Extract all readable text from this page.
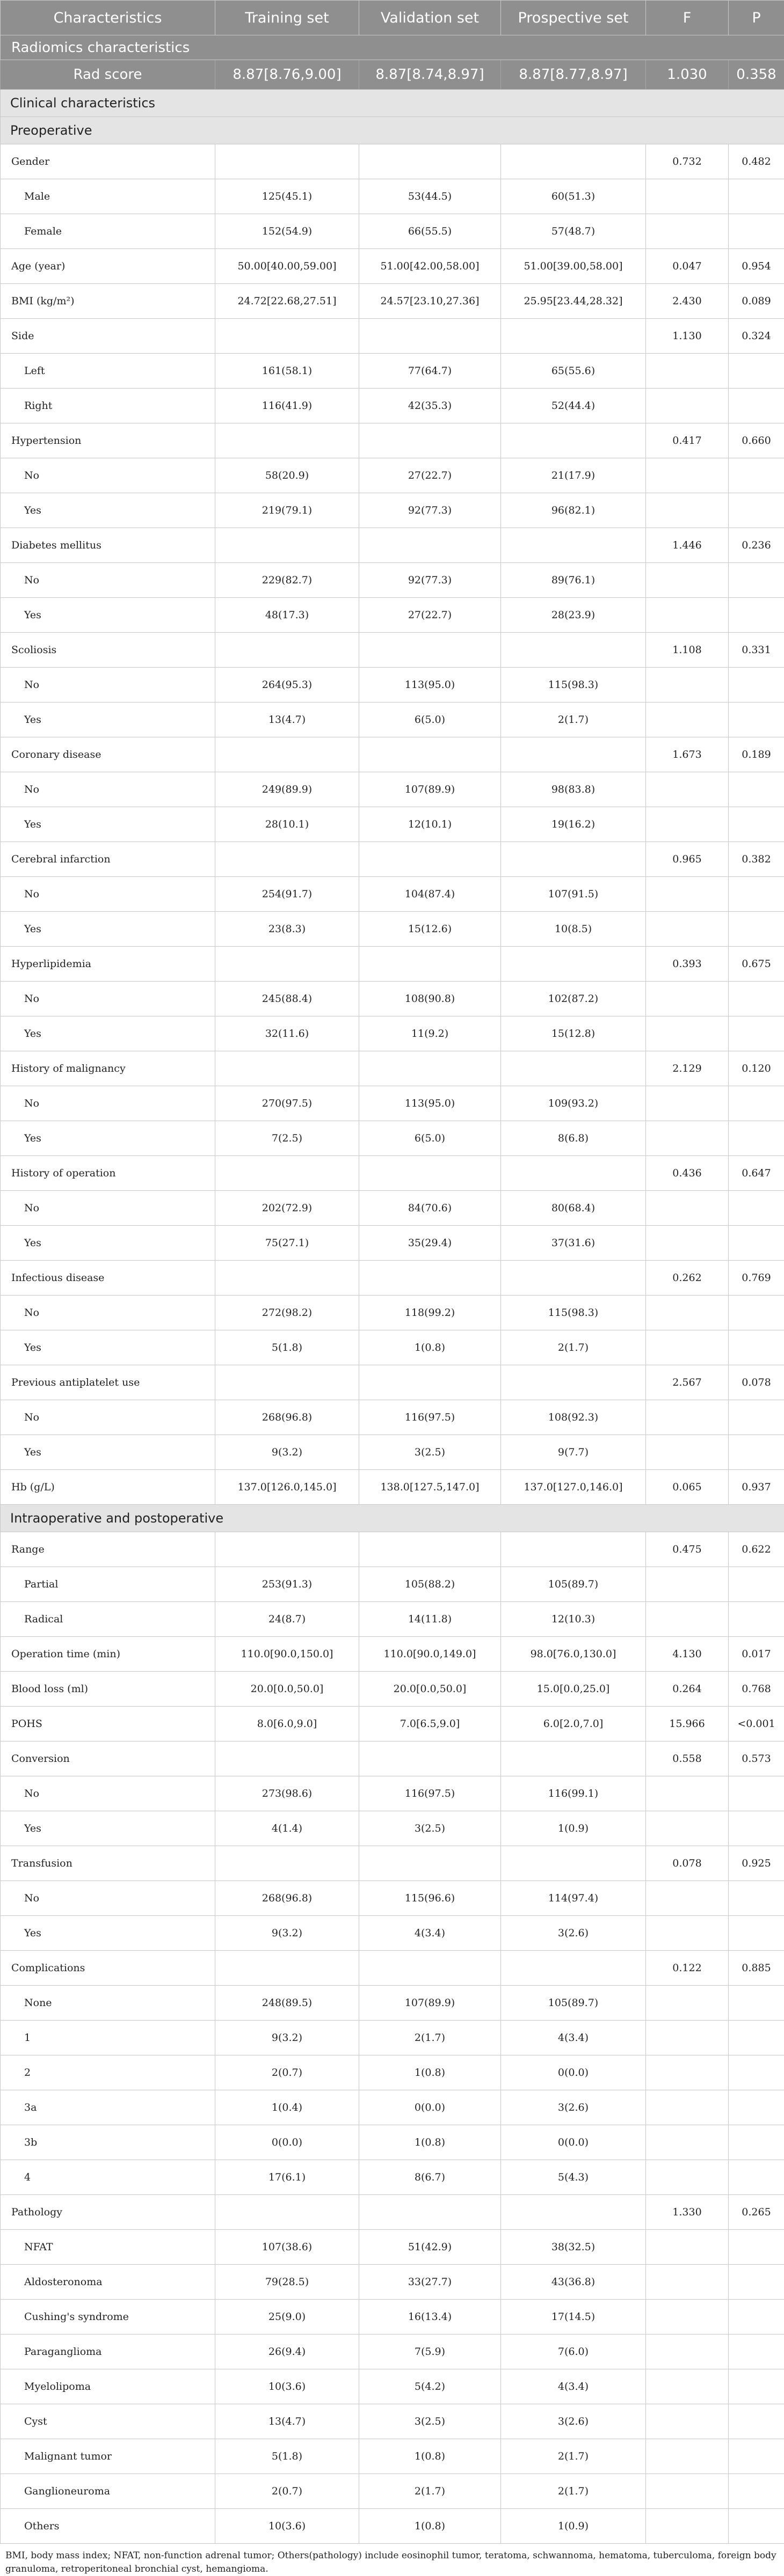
Characteristics	Training set	Validation set	Prospective set	F	P
Radiomics characteristics					
Rad score	8.87[8.76,9.00]	8.87[8.74,8.97]	8.87[8.77,8.97]	1.030	0.358
Clinical characteristics					
Preoperative					
Gender				0.732	0.482
Male	125(45.1)	53(44.5)	60(51.3)		
Female	152(54.9)	66(55.5)	57(48.7)		
Age (year)	50.00[40.00,59.00]	51.00[42.00,58.00]	51.00[39.00,58.00]	0.047	0.954
BMI (kg/m²)	24.72[22.68,27.51]	24.57[23.10,27.36]	25.95[23.44,28.32]	2.430	0.089
Side				1.130	0.324
Left	161(58.1)	77(64.7)	65(55.6)		
Right	116(41.9)	42(35.3)	52(44.4)		
Hypertension				0.417	0.660
No	58(20.9)	27(22.7)	21(17.9)		
Yes	219(79.1)	92(77.3)	96(82.1)		
Diabetes mellitus				1.446	0.236
No	229(82.7)	92(77.3)	89(76.1)		
Yes	48(17.3)	27(22.7)	28(23.9)		
Scoliosis				1.108	0.331
No	264(95.3)	113(95.0)	115(98.3)		
Yes	13(4.7)	6(5.0)	2(1.7)		
Coronary disease				1.673	0.189
No	249(89.9)	107(89.9)	98(83.8)		
Yes	28(10.1)	12(10.1)	19(16.2)		
Cerebral infarction				0.965	0.382
No	254(91.7)	104(87.4)	107(91.5)		
Yes	23(8.3)	15(12.6)	10(8.5)		
Hyperlipidemia				0.393	0.675
No	245(88.4)	108(90.8)	102(87.2)		
Yes	32(11.6)	11(9.2)	15(12.8)		
History of malignancy				2.129	0.120
No	270(97.5)	113(95.0)	109(93.2)		
Yes	7(2.5)	6(5.0)	8(6.8)		
History of operation				0.436	0.647
No	202(72.9)	84(70.6)	80(68.4)		
Yes	75(27.1)	35(29.4)	37(31.6)		
Infectious disease				0.262	0.769
No	272(98.2)	118(99.2)	115(98.3)		
Yes	5(1.8)	1(0.8)	2(1.7)		
Previous antiplatelet use				2.567	0.078
No	268(96.8)	116(97.5)	108(92.3)		
Yes	9(3.2)	3(2.5)	9(7.7)		
Hb (g/L)	137.0[126.0,145.0]	138.0[127.5,147.0]	137.0[127.0,146.0]	0.065	0.937
Intraoperative and postoperative					
Range				0.475	0.622
Partial	253(91.3)	105(88.2)	105(89.7)		
Radical	24(8.7)	14(11.8)	12(10.3)		
Operation time (min)	110.0[90.0,150.0]	110.0[90.0,149.0]	98.0[76.0,130.0]	4.130	0.017
Blood loss (ml)	20.0[0.0,50.0]	20.0[0.0,50.0]	15.0[0.0,25.0]	0.264	0.768
POHS	8.0[6.0,9.0]	7.0[6.5,9.0]	6.0[2.0,7.0]	15.966	<0.001
Conversion				0.558	0.573
No	273(98.6)	116(97.5)	116(99.1)		
Yes	4(1.4)	3(2.5)	1(0.9)		
Transfusion				0.078	0.925
No	268(96.8)	115(96.6)	114(97.4)		
Yes	9(3.2)	4(3.4)	3(2.6)		
Complications				0.122	0.885
None	248(89.5)	107(89.9)	105(89.7)		
1	9(3.2)	2(1.7)	4(3.4)		
2	2(0.7)	1(0.8)	0(0.0)		
3a	1(0.4)	0(0.0)	3(2.6)		
3b	0(0.0)	1(0.8)	0(0.0)		
4	17(6.1)	8(6.7)	5(4.3)		
Pathology				1.330	0.265
NFAT	107(38.6)	51(42.9)	38(32.5)		
Aldosteronoma	79(28.5)	33(27.7)	43(36.8)		
Cushing's syndrome	25(9.0)	16(13.4)	17(14.5)		
Paraganglioma	26(9.4)	7(5.9)	7(6.0)		
Myelolipoma	10(3.6)	5(4.2)	4(3.4)		
Cyst	13(4.7)	3(2.5)	3(2.6)		
Malignant tumor	5(1.8)	1(0.8)	2(1.7)		
Ganglioneuroma	2(0.7)	2(1.7)	2(1.7)		
Others	10(3.6)	1(0.8)	1(0.9)		
BMI, body mass index; NFAT, non-function adrenal tumor; Others(pathology) include eosinophil tumor, teratoma, schwannoma, hematoma, tuberculoma, foreign body granuloma, retroperitoneal bronchial cyst, hemangioma.
